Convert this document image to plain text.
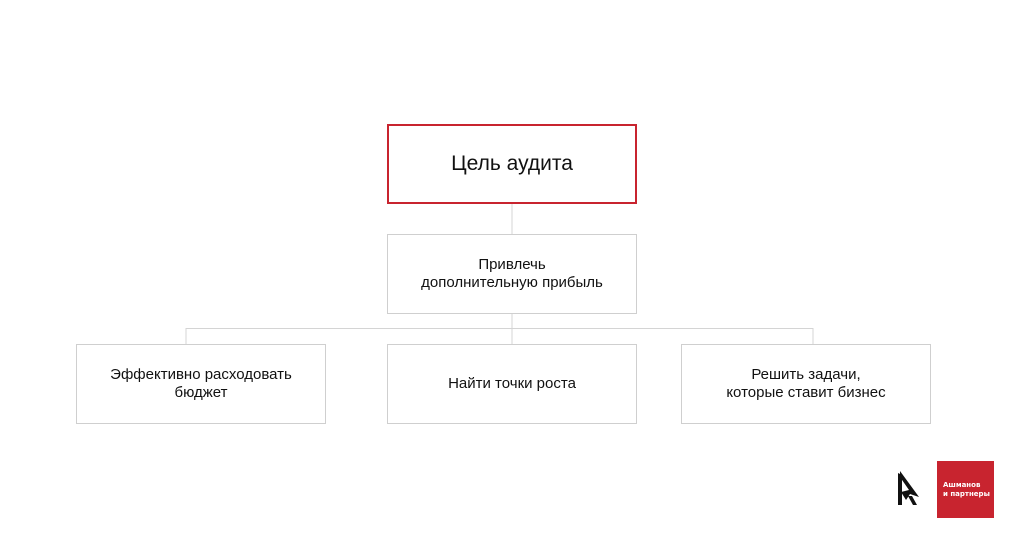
Цель аудита
Привлечь
дополнительную прибыль
Эффективно расходовать
бюджет
Найти точки роста
Решить задачи,
которые ставит бизнес
Ашманов
и партнеры
